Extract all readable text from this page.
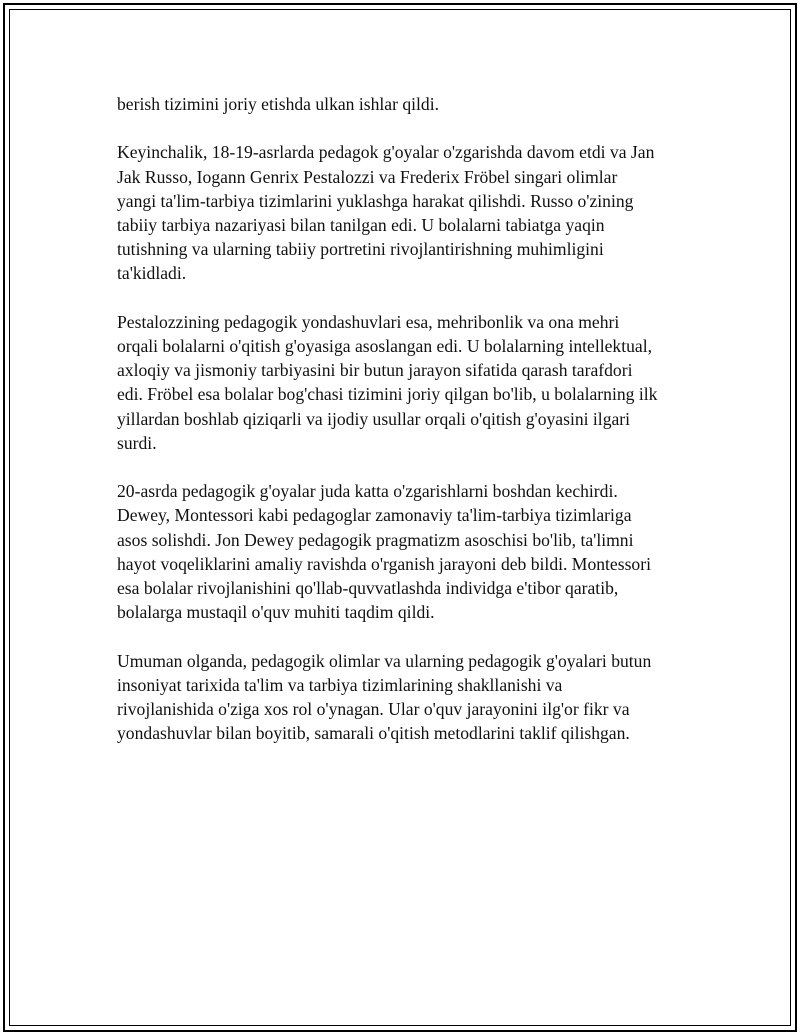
berish tizimini joriy etishda ulkan ishlar qildi.

Keyinchalik, 18-19-asrlarda pedagok g'oyalar o'zgarishda davom etdi va Jan
Jak Russo, Iogann Genrix Pestalozzi va Frederix Fröbel singari olimlar
yangi ta'lim-tarbiya tizimlarini yuklashga harakat qilishdi. Russo o'zining
tabiiy tarbiya nazariyasi bilan tanilgan edi. U bolalarni tabiatga yaqin
tutishning va ularning tabiiy portretini rivojlantirishning muhimligini
ta'kidladi.

Pestalozzining pedagogik yondashuvlari esa, mehribonlik va ona mehri
orqali bolalarni o'qitish g'oyasiga asoslangan edi. U bolalarning intellektual,
axloqiy va jismoniy tarbiyasini bir butun jarayon sifatida qarash tarafdori
edi. Fröbel esa bolalar bog'chasi tizimini joriy qilgan bo'lib, u bolalarning ilk
yillardan boshlab qiziqarli va ijodiy usullar orqali o'qitish g'oyasini ilgari
surdi.

20-asrda pedagogik g'oyalar juda katta o'zgarishlarni boshdan kechirdi.
Dewey, Montessori kabi pedagoglar zamonaviy ta'lim-tarbiya tizimlariga
asos solishdi. Jon Dewey pedagogik pragmatizm asoschisi bo'lib, ta'limni
hayot voqeliklarini amaliy ravishda o'rganish jarayoni deb bildi. Montessori
esa bolalar rivojlanishini qo'llab-quvvatlashda individga e'tibor qaratib,
bolalarga mustaqil o'quv muhiti taqdim qildi.

Umuman olganda, pedagogik olimlar va ularning pedagogik g'oyalari butun
insoniyat tarixida ta'lim va tarbiya tizimlarining shakllanishi va
rivojlanishida o'ziga xos rol o'ynagan. Ular o'quv jarayonini ilg'or fikr va
yondashuvlar bilan boyitib, samarali o'qitish metodlarini taklif qilishgan.
